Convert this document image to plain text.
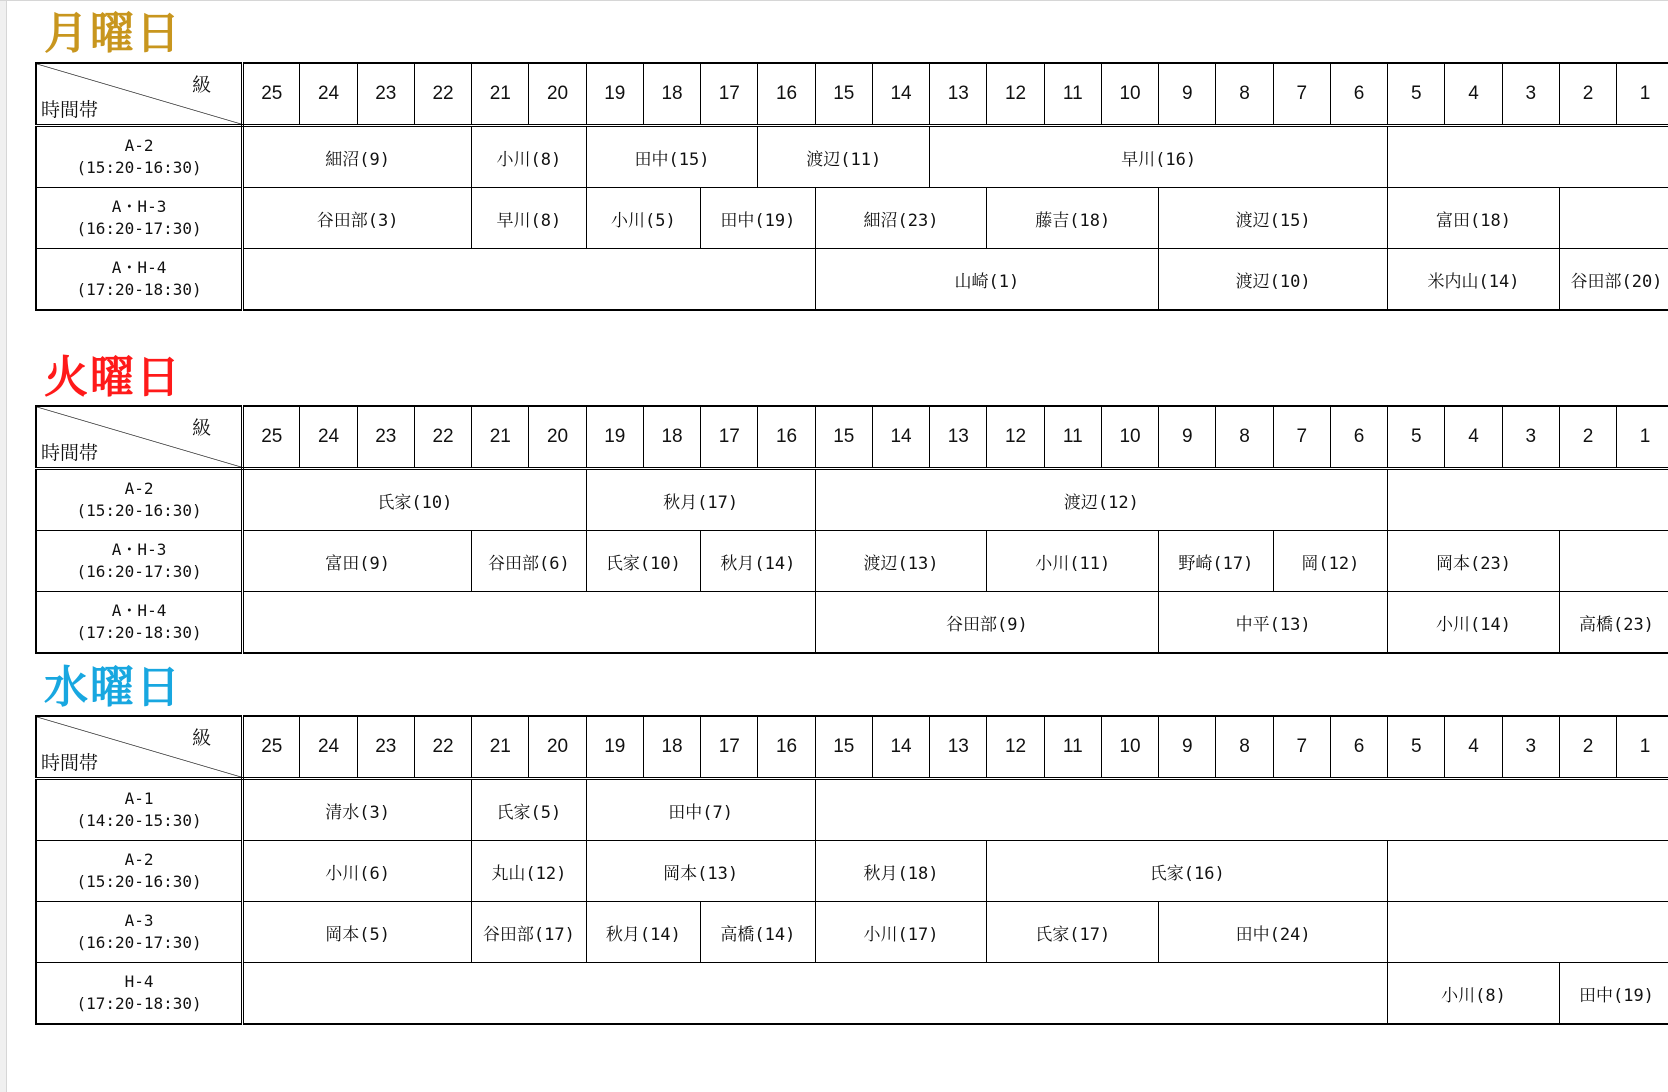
月曜日
級
時間帯	25	24	23	22	21	20	19	18	17	16	15	14	13	12	11	10	9	8	7	6	5	4	3	2	1

A-2
(15:20-16:30)	細沼(9)				小川(8)		田中(15)			渡辺(11)			早川(16)												

A・H-3
(16:20-17:30)	谷田部(3)				早川(8)		小川(5)		田中(19)		細沼(23)			藤吉(18)			渡辺(15)				富田(18)				

A・H-4
(17:20-18:30)											山崎(1)						渡辺(10)				米内山(14)			谷田部(20)	
火曜日
級
時間帯	25	24	23	22	21	20	19	18	17	16	15	14	13	12	11	10	9	8	7	6	5	4	3	2	1

A-2
(15:20-16:30)	氏家(10)						秋月(17)				渡辺(12)														

A・H-3
(16:20-17:30)	富田(9)				谷田部(6)		氏家(10)		秋月(14)		渡辺(13)			小川(11)			野崎(17)		岡(12)		岡本(23)				

A・H-4
(17:20-18:30)											谷田部(9)						中平(13)				小川(14)			高橋(23)	
水曜日
級
時間帯	25	24	23	22	21	20	19	18	17	16	15	14	13	12	11	10	9	8	7	6	5	4	3	2	1

A-1
(14:20-15:30)	清水(3)				氏家(5)		田中(7)																		

A-2
(15:20-16:30)	小川(6)				丸山(12)		岡本(13)				秋月(18)			氏家(16)											

A-3
(16:20-17:30)	岡本(5)				谷田部(17)		秋月(14)		高橋(14)		小川(17)			氏家(17)			田中(24)								

H-4
(17:20-18:30)																					小川(8)			田中(19)	
